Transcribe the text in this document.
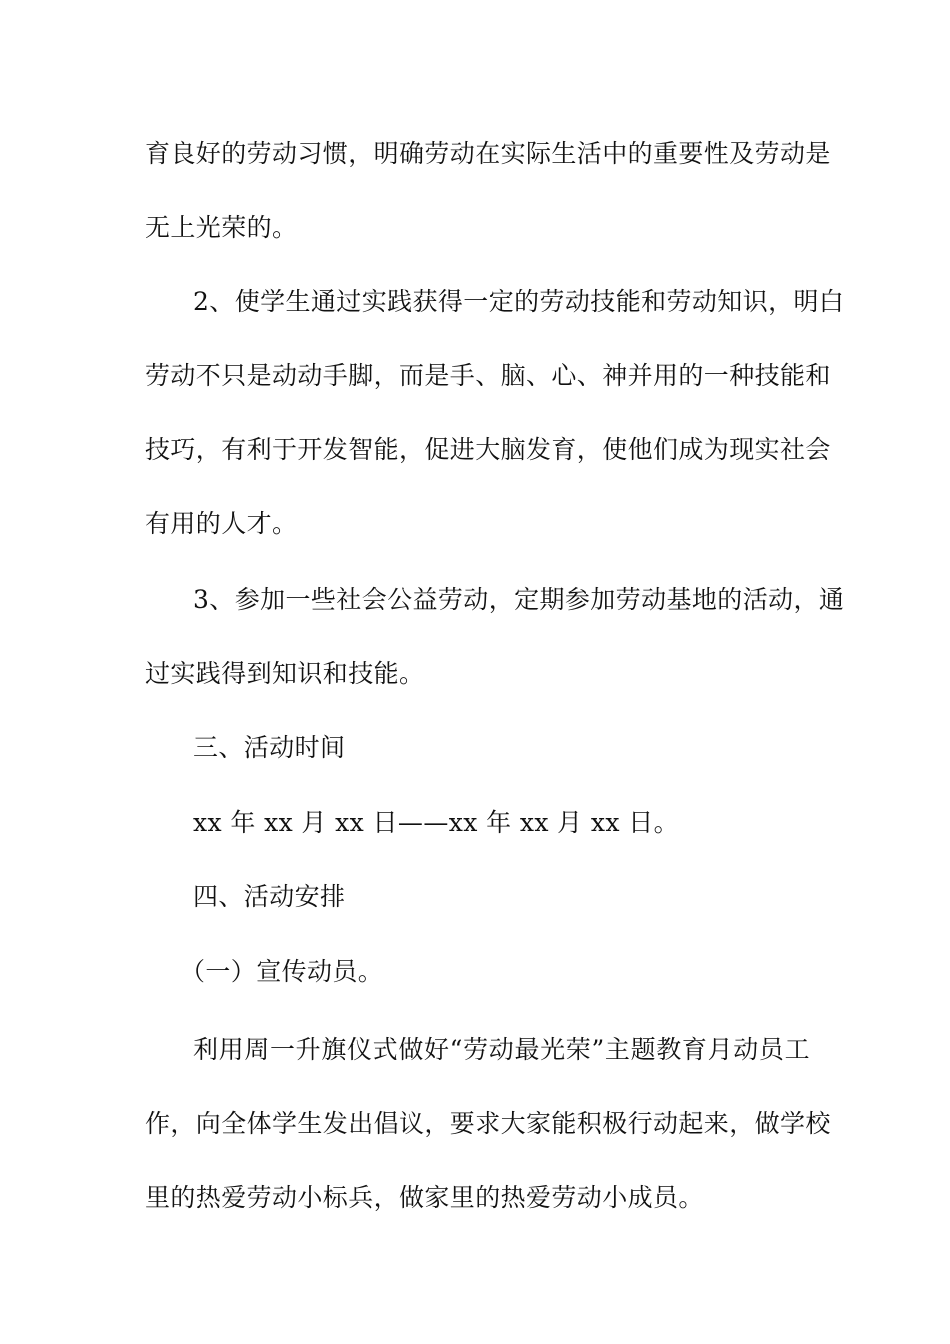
育良好的劳动习惯，明确劳动在实际生活中的重要性及劳动是
无上光荣的。
2、使学生通过实践获得一定的劳动技能和劳动知识，明白
劳动不只是动动手脚，而是手、脑、心、神并用的一种技能和
技巧，有利于开发智能，促进大脑发育，使他们成为现实社会
有用的人才。
3、参加一些社会公益劳动，定期参加劳动基地的活动，通
过实践得到知识和技能。
三、活动时间
xx 年 xx 月 xx 日——xx 年 xx 月 xx 日。
四、活动安排
（一）宣传动员。
利用周一升旗仪式做好“劳动最光荣”主题教育月动员工
作，向全体学生发出倡议，要求大家能积极行动起来，做学校
里的热爱劳动小标兵，做家里的热爱劳动小成员。
